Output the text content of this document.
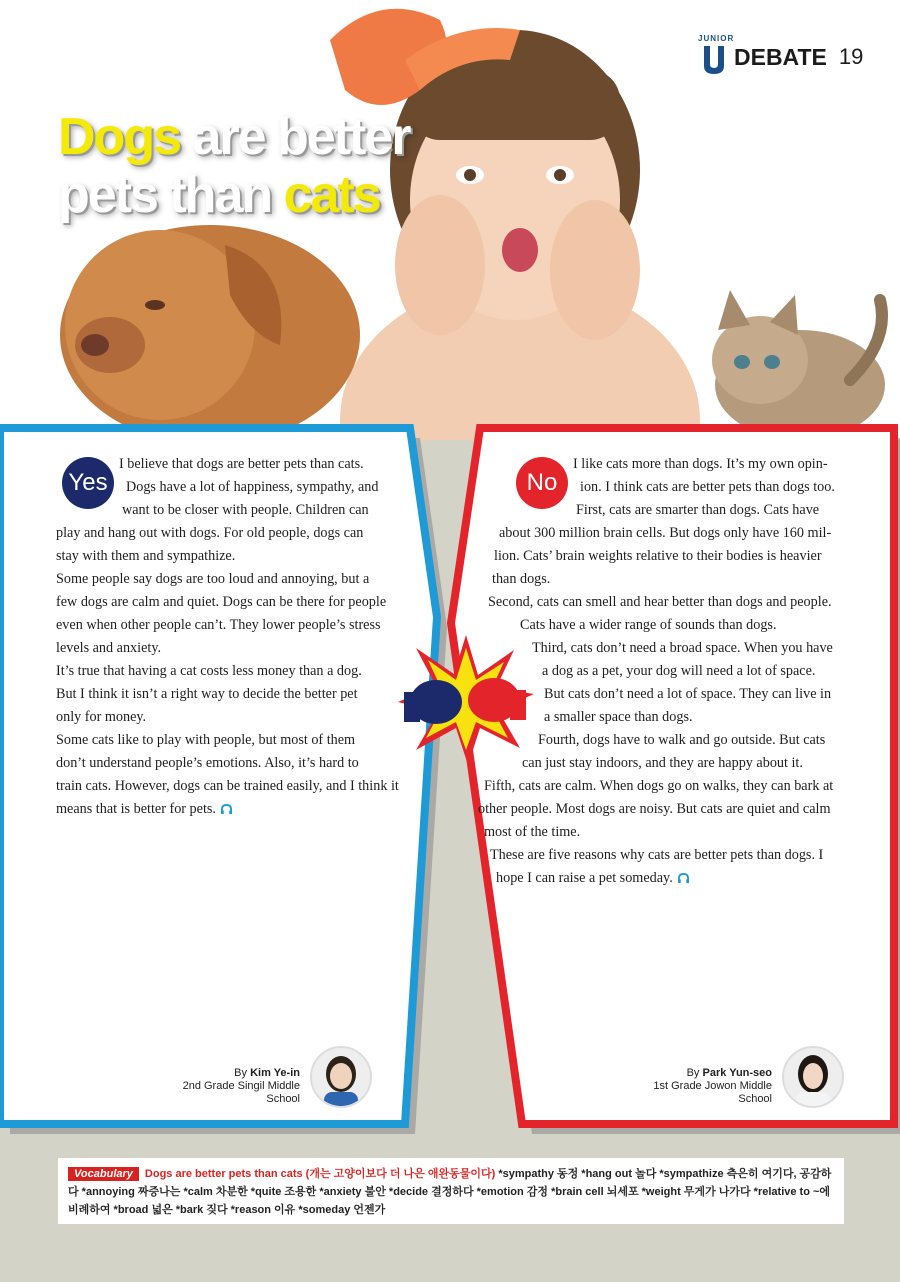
JUNIOR
DEBATE 19
Dogs are better
pets than cats
Yes

I believe that dogs are better pets than cats.

Dogs have a lot of happiness, sympathy, and

want to be closer with people. Children can

play and hang out with dogs. For old people, dogs can

stay with them and sympathize.

Some people say dogs are too loud and annoying, but a

few dogs are calm and quiet. Dogs can be there for people

even when other people can’t. They lower people’s stress

levels and anxiety.

It’s true that having a cat costs less money than a dog.

But I think it isn’t a right way to decide the better pet

only for money.

Some cats like to play with people, but most of them

don’t understand people’s emotions. Also, it’s hard to

train cats. However, dogs can be trained easily, and I think it

means that is better for pets.

By Kim Ye-in
2nd Grade Singil Middle School
No

I like cats more than dogs. It’s my own opin-

ion. I think cats are better pets than dogs too.

First, cats are smarter than dogs. Cats have

about 300 million brain cells. But dogs only have 160 mil-

lion. Cats’ brain weights relative to their bodies is heavier

than dogs.

Second, cats can smell and hear better than dogs and people.

Cats have a wider range of sounds than dogs.

Third, cats don’t need a broad space. When you have

a dog as a pet, your dog will need a lot of space.

But cats don’t need a lot of space. They can live in

a smaller space than dogs.

Fourth, dogs have to walk and go outside. But cats

can just stay indoors, and they are happy about it.

Fifth, cats are calm. When dogs go on walks, they can bark at

other people. Most dogs are noisy. But cats are quiet and calm

most of the time.

These are five reasons why cats are better pets than dogs. I

hope I can raise a pet someday.

By Park Yun-seo
1st Grade Jowon Middle School
Vocabulary Dogs are better pets than cats (개는 고양이보다 더 나은 애완동물이다) *sympathy 동정 *hang out 놀다 *sympathize 측은히 여기다, 공감하다 *annoying 짜증나는 *calm 차분한 *quite 조용한 *anxiety 불안 *decide 결정하다 *emotion 감정 *brain cell 뇌세포 *weight 무게가 나가다 *relative to ~에 비례하여 *broad 넓은 *bark 짖다 *reason 이유 *someday 언젠가
